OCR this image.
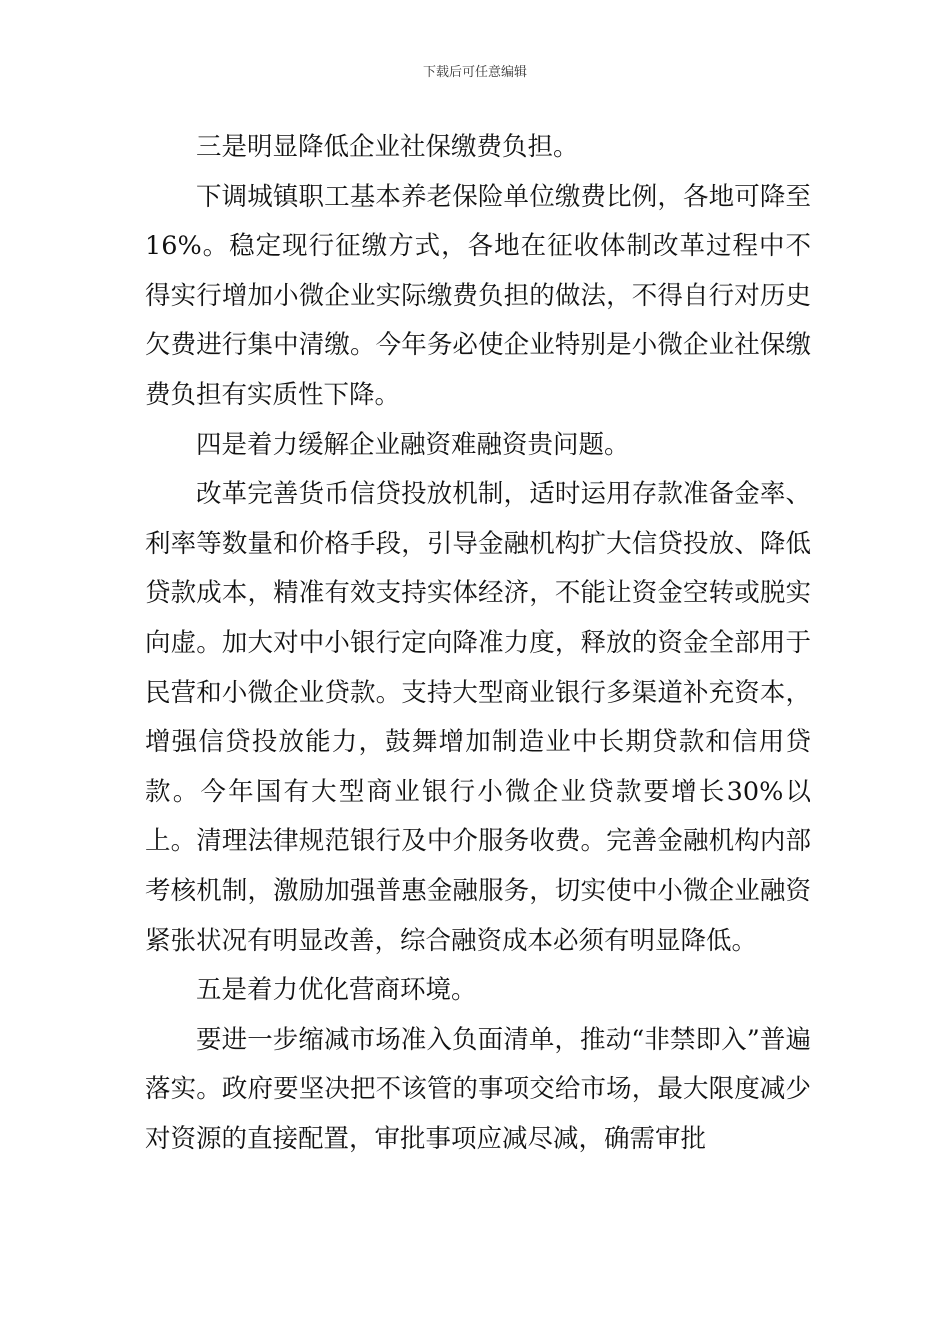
下载后可任意编辑

三是明显降低企业社保缴费负担。

下调城镇职工基本养老保险单位缴费比例，各地可降至16%。稳定现行征缴方式，各地在征收体制改革过程中不得实行增加小微企业实际缴费负担的做法，不得自行对历史欠费进行集中清缴。今年务必使企业特别是小微企业社保缴费负担有实质性下降。

四是着力缓解企业融资难融资贵问题。

改革完善货币信贷投放机制，适时运用存款准备金率、利率等数量和价格手段，引导金融机构扩大信贷投放、降低贷款成本，精准有效支持实体经济，不能让资金空转或脱实向虚。加大对中小银行定向降准力度，释放的资金全部用于民营和小微企业贷款。支持大型商业银行多渠道补充资本，增强信贷投放能力，鼓舞增加制造业中长期贷款和信用贷款。今年国有大型商业银行小微企业贷款要增长30%以上。清理法律规范银行及中介服务收费。完善金融机构内部考核机制，激励加强普惠金融服务，切实使中小微企业融资紧张状况有明显改善，综合融资成本必须有明显降低。

五是着力优化营商环境。

要进一步缩减市场准入负面清单，推动“非禁即入”普遍落实。政府要坚决把不该管的事项交给市场，最大限度减少对资源的直接配置，审批事项应减尽减，确需审批
